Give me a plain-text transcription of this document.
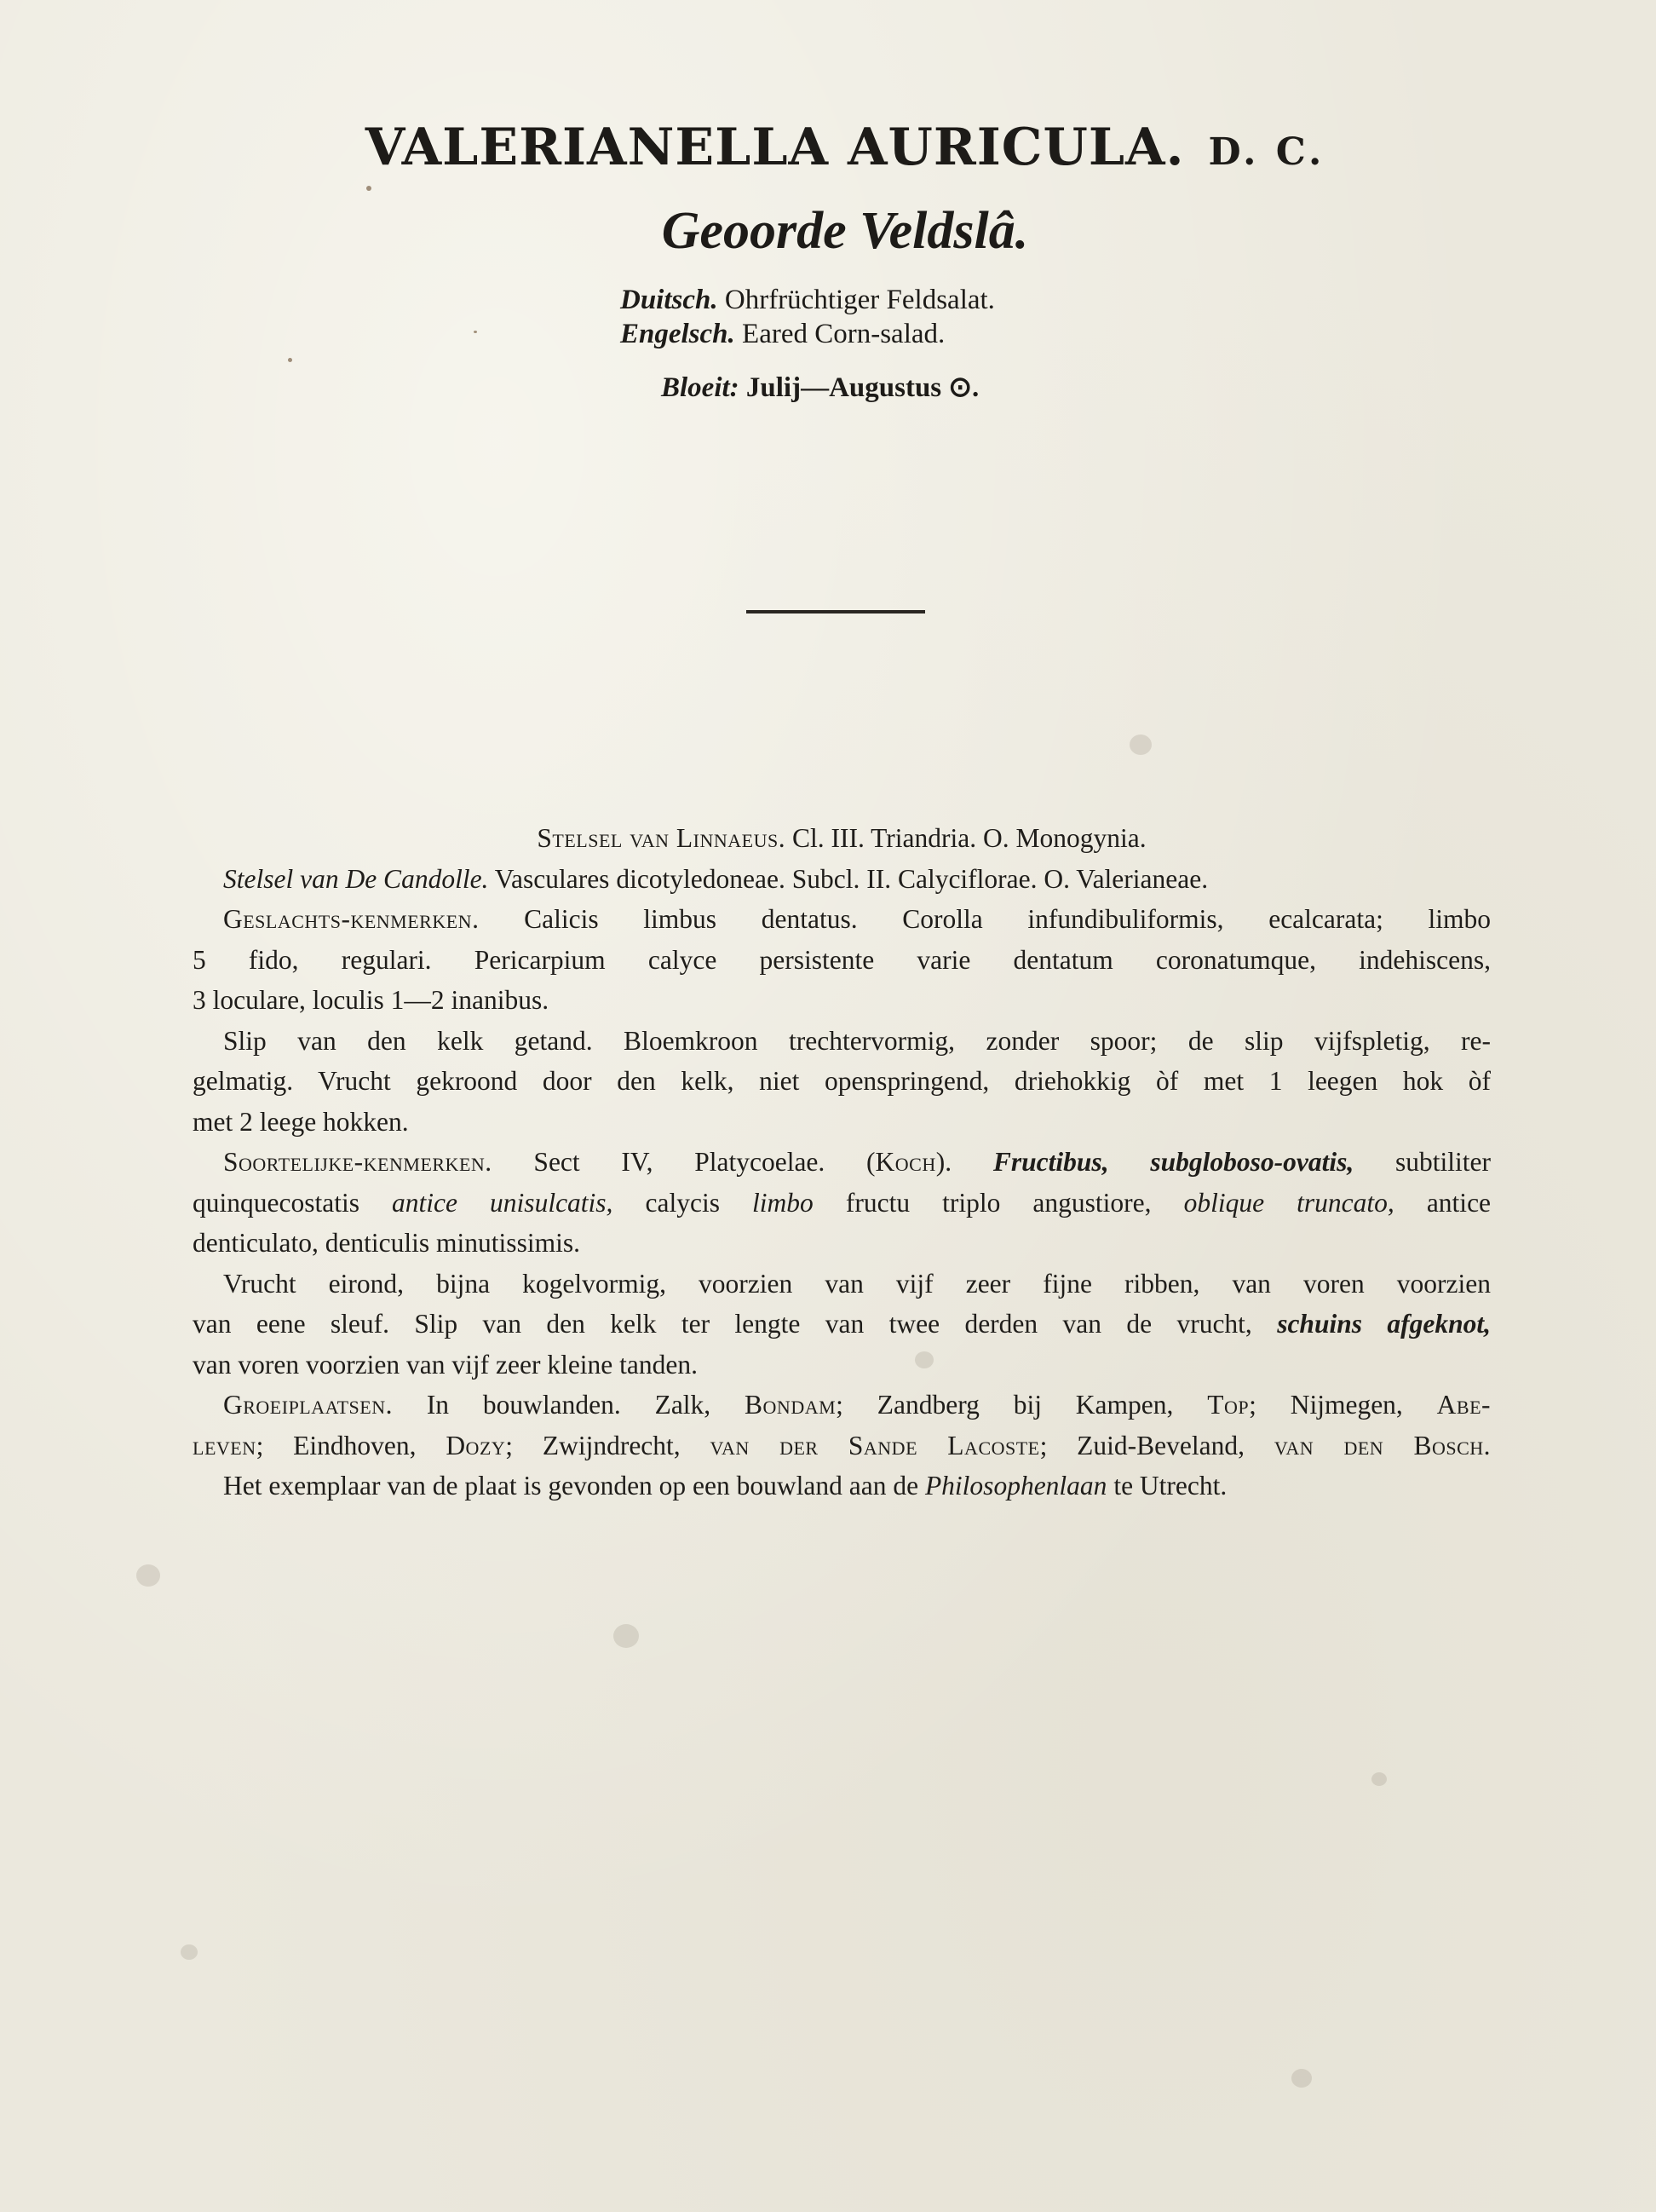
VALERIANELLA AURICULA. D. C.
Geoorde Veldslâ.
Duitsch. Ohrfrüchtiger Feldsalat.
Engelsch. Eared Corn-salad.
Bloeit: Julij—Augustus ⊙.
Stelsel van Linnaeus. Cl. III. Triandria. O. Monogynia.
Stelsel van De Candolle. Vasculares dicotyledoneae. Subcl. II. Calyciflorae. O. Valerianeae.
Geslachts-kenmerken. Calicis limbus dentatus. Corolla infundibuliformis, ecalcarata; limbo
5 fido, regulari. Pericarpium calyce persistente varie dentatum coronatumque, indehiscens,
3 loculare, loculis 1—2 inanibus.
Slip van den kelk getand. Bloemkroon trechtervormig, zonder spoor; de slip vijfspletig, re-
gelmatig. Vrucht gekroond door den kelk, niet openspringend, driehokkig òf met 1 leegen hok òf
met 2 leege hokken.
Soortelijke-kenmerken. Sect IV, Platycoelae. (Koch). Fructibus, subgloboso-ovatis, subtiliter
quinquecostatis antice unisulcatis, calycis limbo fructu triplo angustiore, oblique truncato, antice
denticulato, denticulis minutissimis.
Vrucht eirond, bijna kogelvormig, voorzien van vijf zeer fijne ribben, van voren voorzien
van eene sleuf. Slip van den kelk ter lengte van twee derden van de vrucht, schuins afgeknot,
van voren voorzien van vijf zeer kleine tanden.
Groeiplaatsen. In bouwlanden. Zalk, Bondam; Zandberg bij Kampen, Top; Nijmegen, Abe-
leven; Eindhoven, Dozy; Zwijndrecht, van der Sande Lacoste; Zuid-Beveland, van den Bosch.
Het exemplaar van de plaat is gevonden op een bouwland aan de Philosophenlaan te Utrecht.
